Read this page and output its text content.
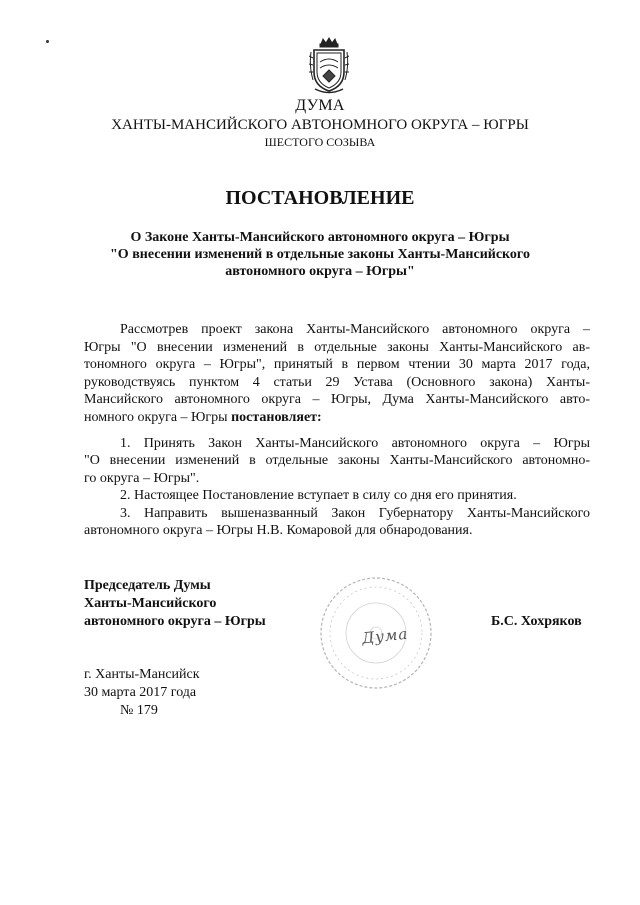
ДУМА
ХАНТЫ-МАНСИЙСКОГО АВТОНОМНОГО ОКРУГА – ЮГРЫ
ШЕСТОГО СОЗЫВА
ПОСТАНОВЛЕНИЕ
О Законе Ханты-Мансийского автономного округа – Югры
"О внесении изменений в отдельные законы Ханты-Мансийского
автономного округа – Югры"
Рассмотрев проект закона Ханты-Мансийского автономного округа –
Югры "О внесении изменений в отдельные законы Ханты-Мансийского ав-
тономного округа – Югры", принятый в первом чтении 30 марта 2017 года,
руководствуясь пунктом 4 статьи 29 Устава (Основного закона) Ханты-
Мансийского автономного округа – Югры, Дума Ханты-Мансийского авто-
номного округа – Югры постановляет:
1. Принять Закон Ханты-Мансийского автономного округа – Югры
"О внесении изменений в отдельные законы Ханты-Мансийского автономно-
го округа – Югры".
2. Настоящее Постановление вступает в силу со дня его принятия.
3. Направить вышеназванный Закон Губернатору Ханты-Мансийского
автономного округа – Югры Н.В. Комаровой для обнародования.
Председатель Думы
Ханты-Мансийского
автономного округа – Югры
Дума
Б.С. Хохряков
г. Ханты-Мансийск
30 марта 2017 года
№ 179
